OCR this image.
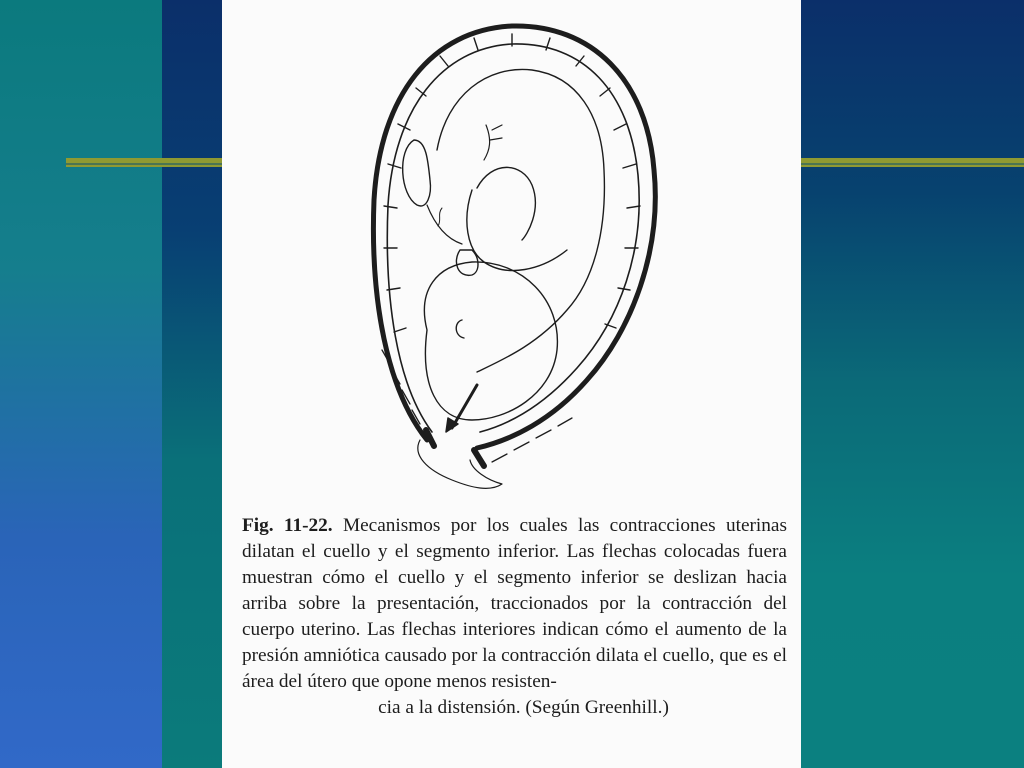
Fig. 11-22. Mecanismos por los cuales las contracciones uterinas dilatan el cuello y el segmento inferior. Las flechas colocadas fuera muestran cómo el cuello y el segmento inferior se deslizan hacia arriba sobre la presentación, traccionados por la contracción del cuerpo uterino. Las flechas interiores indican cómo el aumento de la presión amniótica causado por la contracción dilata el cuello, que es el área del útero que opone menos resisten-
cia a la distensión. (Según Greenhill.)
